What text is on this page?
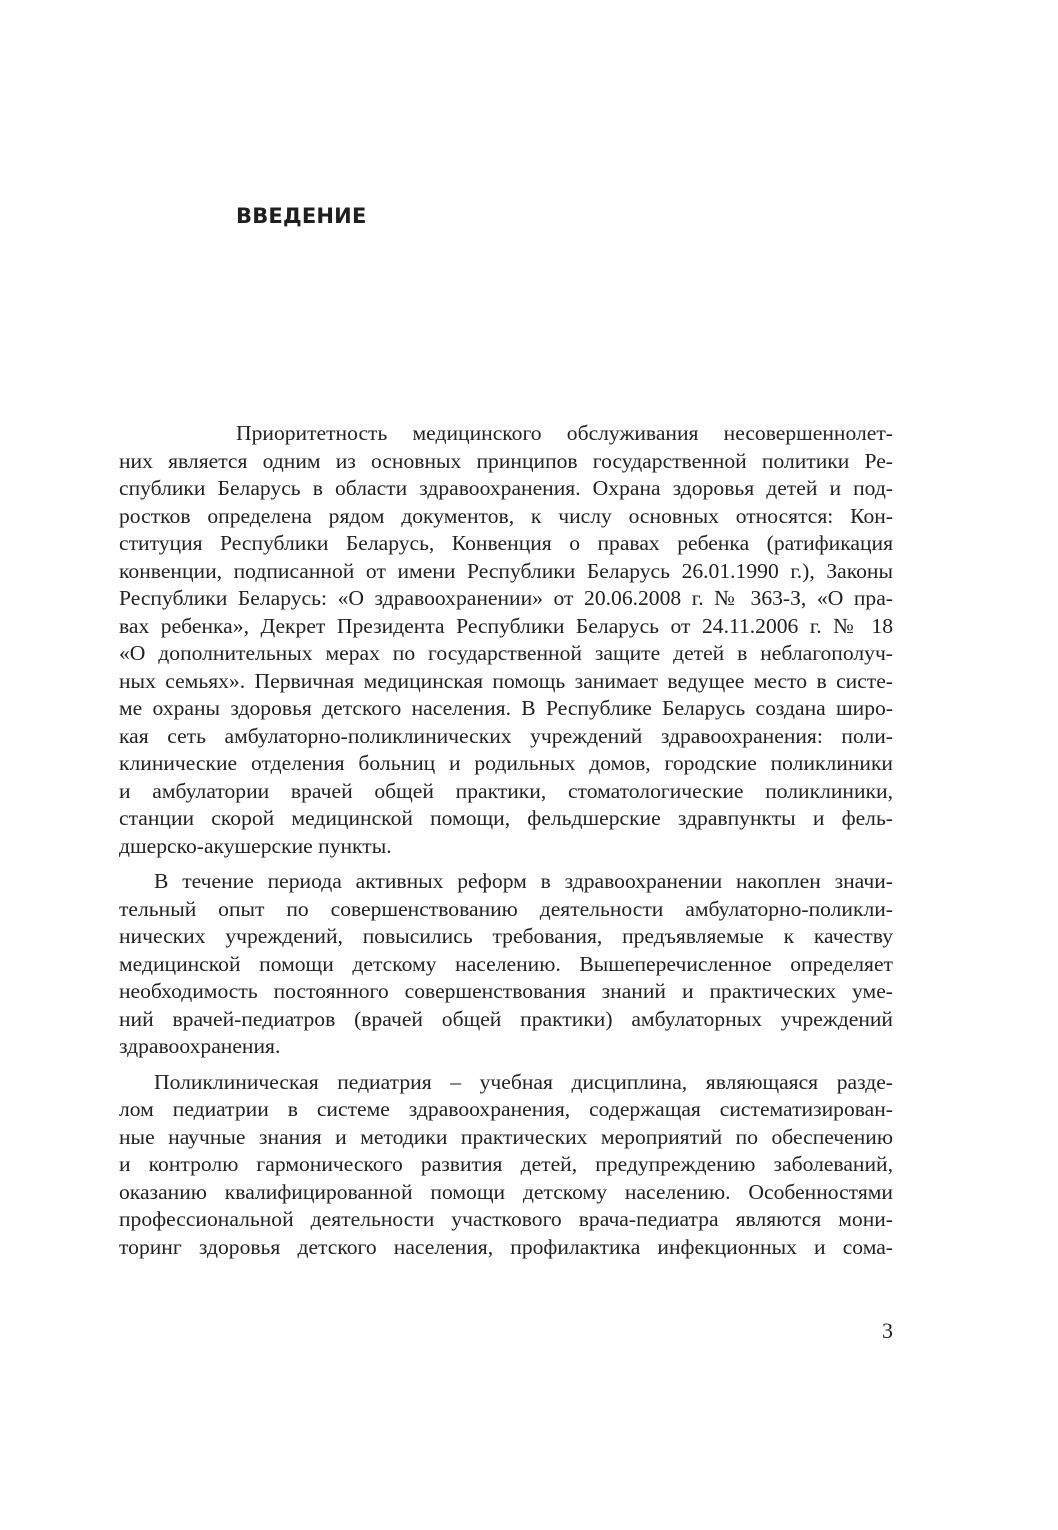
ВВЕДЕНИЕ
Приоритетность медицинского обслуживания несовершеннолет-
них является одним из основных принципов государственной политики Ре-
спублики Беларусь в области здравоохранения. Охрана здоровья детей и под-
ростков определена рядом документов, к числу основных относятся: Кон-
ституция Республики Беларусь, Конвенция о правах ребенка (ратификация
конвенции, подписанной от имени Республики Беларусь 26.01.1990 г.), Законы
Республики Беларусь: «О здравоохранении» от 20.06.2008 г. № 363-З, «О пра-
вах ребенка», Декрет Президента Республики Беларусь от 24.11.2006 г. № 18
«О дополнительных мерах по государственной защите детей в неблагополуч-
ных семьях». Первичная медицинская помощь занимает ведущее место в систе-
ме охраны здоровья детского населения. В Республике Беларусь создана широ-
кая сеть амбулаторно-поликлинических учреждений здравоохранения: поли-
клинические отделения больниц и родильных домов, городские поликлиники
и амбулатории врачей общей практики, стоматологические поликлиники,
станции скорой медицинской помощи, фельдшерские здравпункты и фель-
дшерско-акушерские пункты.
В течение периода активных реформ в здравоохранении накоплен значи-
тельный опыт по совершенствованию деятельности амбулаторно-поликли-
нических учреждений, повысились требования, предъявляемые к качеству
медицинской помощи детскому населению. Вышеперечисленное определяет
необходимость постоянного совершенствования знаний и практических уме-
ний врачей-педиатров (врачей общей практики) амбулаторных учреждений
здравоохранения.
Поликлиническая педиатрия – учебная дисциплина, являющаяся разде-
лом педиатрии в системе здравоохранения, содержащая систематизирован-
ные научные знания и методики практических мероприятий по обеспечению
и контролю гармонического развития детей, предупреждению заболеваний,
оказанию квалифицированной помощи детскому населению. Особенностями
профессиональной деятельности участкового врача-педиатра являются мони-
торинг здоровья детского населения, профилактика инфекционных и сома-
3
